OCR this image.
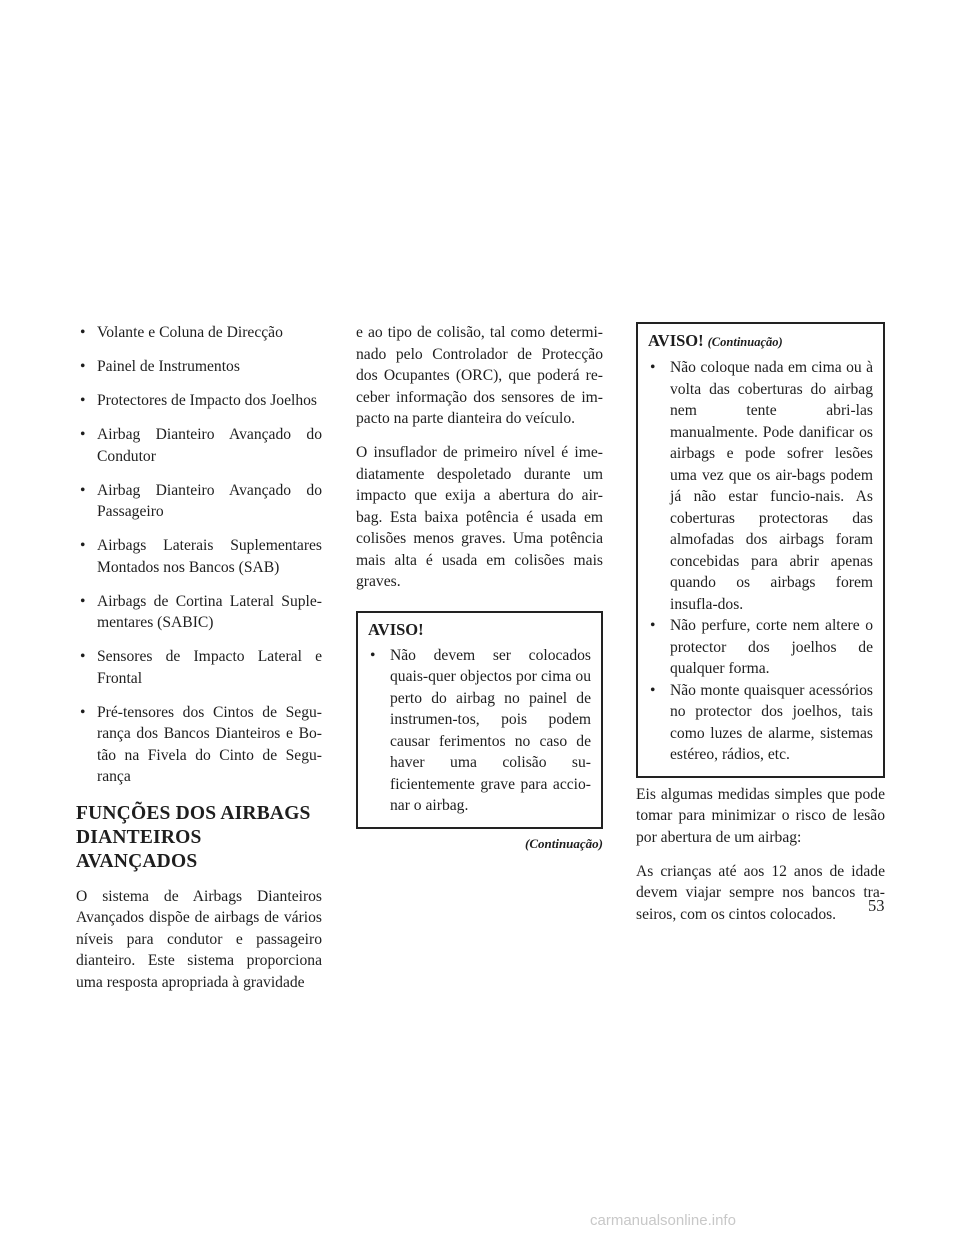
• Volante e Coluna de Direcção
• Painel de Instrumentos
• Protectores de Impacto dos Joelhos
• Airbag Dianteiro Avançado do Condutor
• Airbag Dianteiro Avançado do Passageiro
• Airbags Laterais Suplementares Montados nos Bancos (SAB)
• Airbags de Cortina Lateral Suple-mentares (SABIC)
• Sensores de Impacto Lateral e Frontal
• Pré-tensores dos Cintos de Segu-rança dos Bancos Dianteiros e Bo-tão na Fivela do Cinto de Segu-rança
FUNÇÕES DOS AIRBAGS
DIANTEIROS AVANÇADOS

O sistema de Airbags Dianteiros Avançados dispõe de airbags de vários níveis para condutor e passageiro dianteiro. Este sistema proporciona uma resposta apropriada à gravidade

e ao tipo de colisão, tal como determi-nado pelo Controlador de Protecção dos Ocupantes (ORC), que poderá re-ceber informação dos sensores de im-pacto na parte dianteira do veículo.

O insuflador de primeiro nível é ime-diatamente despoletado durante um impacto que exija a abertura do air-bag. Esta baixa potência é usada em colisões menos graves. Uma potência mais alta é usada em colisões mais graves.

AVISO!
• Não devem ser colocados quais-quer objectos por cima ou perto do airbag no painel de instrumen-tos, pois podem causar ferimentos no caso de haver uma colisão su-ficientemente grave para accio-nar o airbag.
(Continuação)
AVISO! (Continuação)
• Não coloque nada em cima ou à volta das coberturas do airbag nem tente abri-las manualmente. Pode danificar os airbags e pode sofrer lesões uma vez que os air-bags podem já não estar funcio-nais. As coberturas protectoras das almofadas dos airbags foram concebidas para abrir apenas quando os airbags forem insufla-dos.
• Não perfure, corte nem altere o protector dos joelhos de qualquer forma.
• Não monte quaisquer acessórios no protector dos joelhos, tais como luzes de alarme, sistemas estéreo, rádios, etc.

Eis algumas medidas simples que pode tomar para minimizar o risco de lesão por abertura de um airbag:

As crianças até aos 12 anos de idade devem viajar sempre nos bancos tra-seiros, com os cintos colocados.	53
carmanualsonline.info
